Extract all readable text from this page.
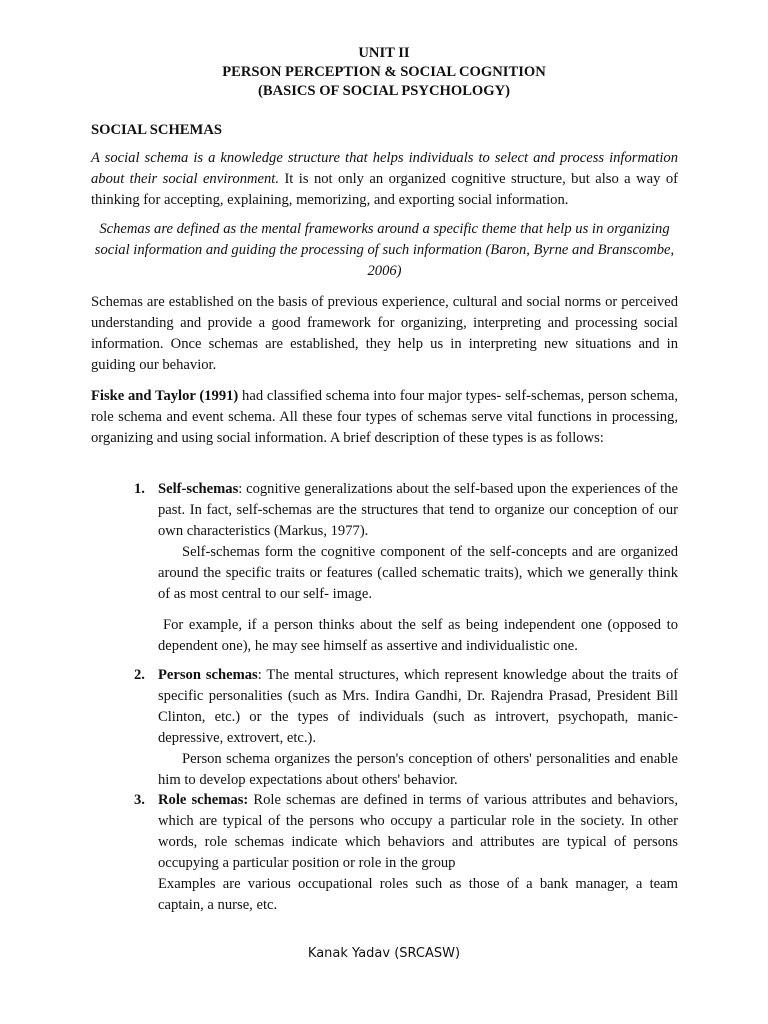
UNIT II
PERSON PERCEPTION & SOCIAL COGNITION
(BASICS OF SOCIAL PSYCHOLOGY)
SOCIAL SCHEMAS

A social schema is a knowledge structure that helps individuals to select and process information about their social environment. It is not only an organized cognitive structure, but also a way of thinking for accepting, explaining, memorizing, and exporting social information.

Schemas are defined as the mental frameworks around a specific theme that help us in organizing social information and guiding the processing of such information (Baron, Byrne and Branscombe, 2006)

Schemas are established on the basis of previous experience, cultural and social norms or perceived understanding and provide a good framework for organizing, interpreting and processing social information. Once schemas are established, they help us in interpreting new situations and in guiding our behavior.

Fiske and Taylor (1991) had classified schema into four major types- self-schemas, person schema, role schema and event schema. All these four types of schemas serve vital functions in processing, organizing and using social information. A brief description of these types is as follows:

1. Self-schemas: cognitive generalizations about the self-based upon the experiences of the past. In fact, self-schemas are the structures that tend to organize our conception of our own characteristics (Markus, 1977).

Self-schemas form the cognitive component of the self-concepts and are organized around the specific traits or features (called schematic traits), which we generally think of as most central to our self- image.

For example, if a person thinks about the self as being independent one (opposed to dependent one), he may see himself as assertive and individualistic one.

2. Person schemas: The mental structures, which represent knowledge about the traits of specific personalities (such as Mrs. Indira Gandhi, Dr. Rajendra Prasad, President Bill Clinton, etc.) or the types of individuals (such as introvert, psychopath, manic-depressive, extrovert, etc.).

Person schema organizes the person's conception of others' personalities and enable him to develop expectations about others' behavior.

3. Role schemas: Role schemas are defined in terms of various attributes and behaviors, which are typical of the persons who occupy a particular role in the society. In other words, role schemas indicate which behaviors and attributes are typical of persons occupying a particular position or role in the group

Examples are various occupational roles such as those of a bank manager, a team captain, a nurse, etc.

Kanak Yadav (SRCASW)
